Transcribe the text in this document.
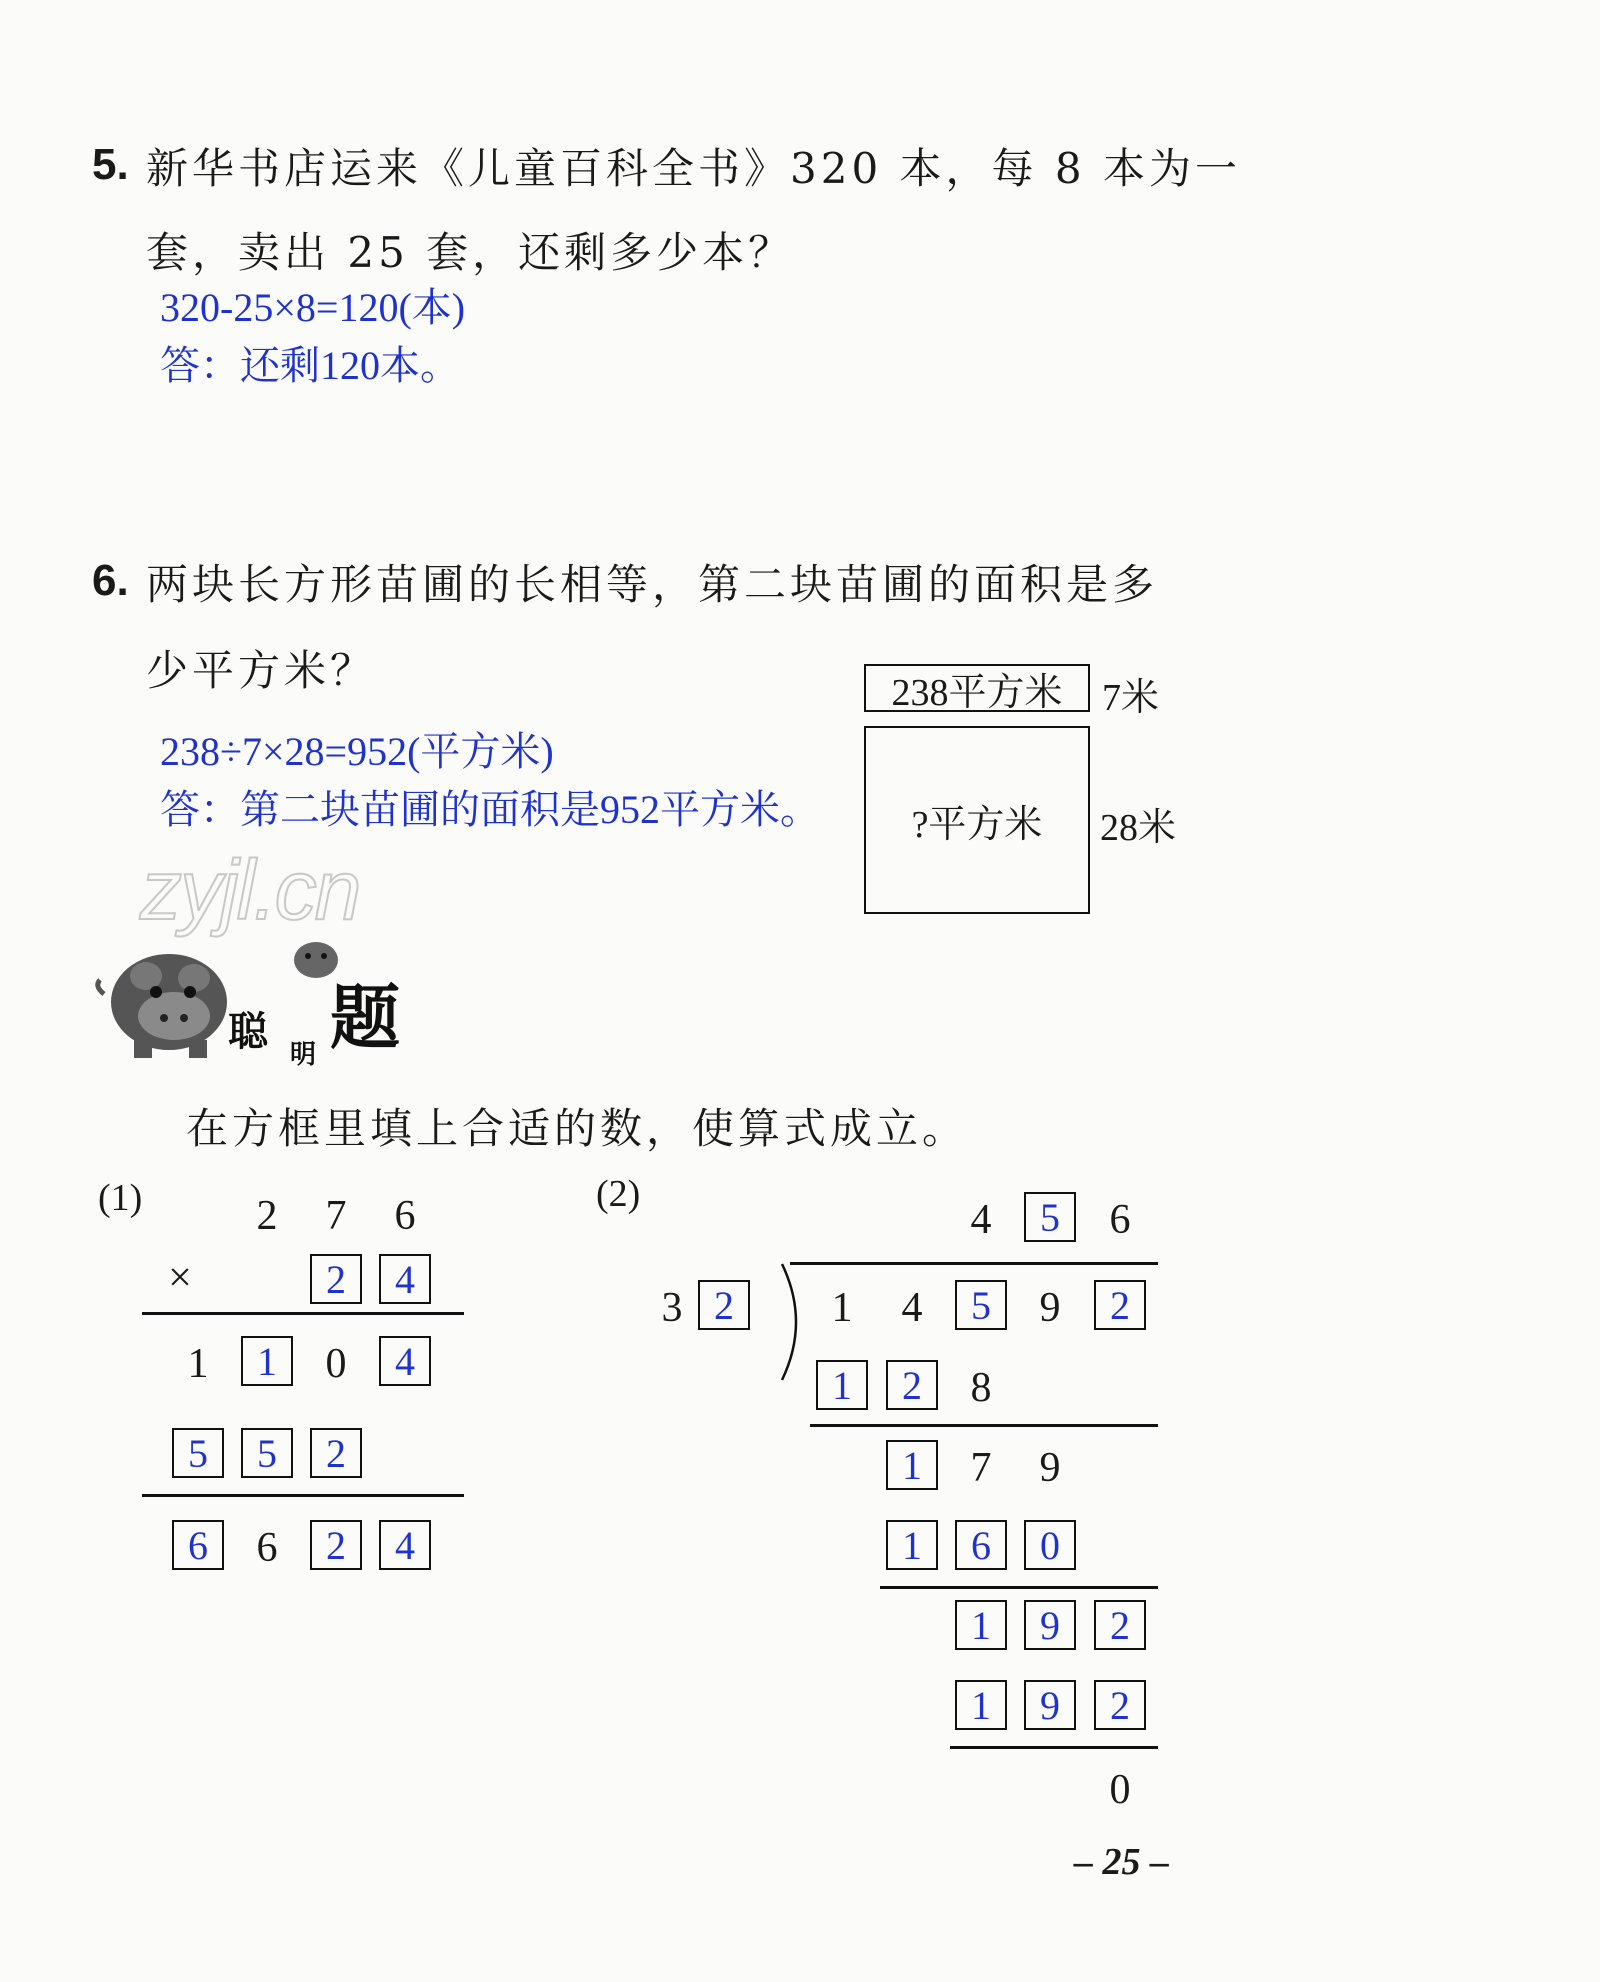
5. 新华书店运来《儿童百科全书》320 本，每 8 本为一
套，卖出 25 套，还剩多少本？
320-25×8=120(本)
答：还剩120本。
6. 两块长方形苗圃的长相等，第二块苗圃的面积是多
少平方米？
238÷7×28=952(平方米)
答：第二块苗圃的面积是952平方米。
238平方米 7米
?平方米 28米
zyjl.cn
聪 明 题
在方框里填上合适的数，使算式成立。
(1)	2 7 6
×	2	4
1	1	0	4
5	5	2
6	6	2	4
(2)
4	5	6
3 2	1 4	5	9	2
1	2	8
1	7 9
1	6	0
1	9	2
1	9	2
0
– 25 –
